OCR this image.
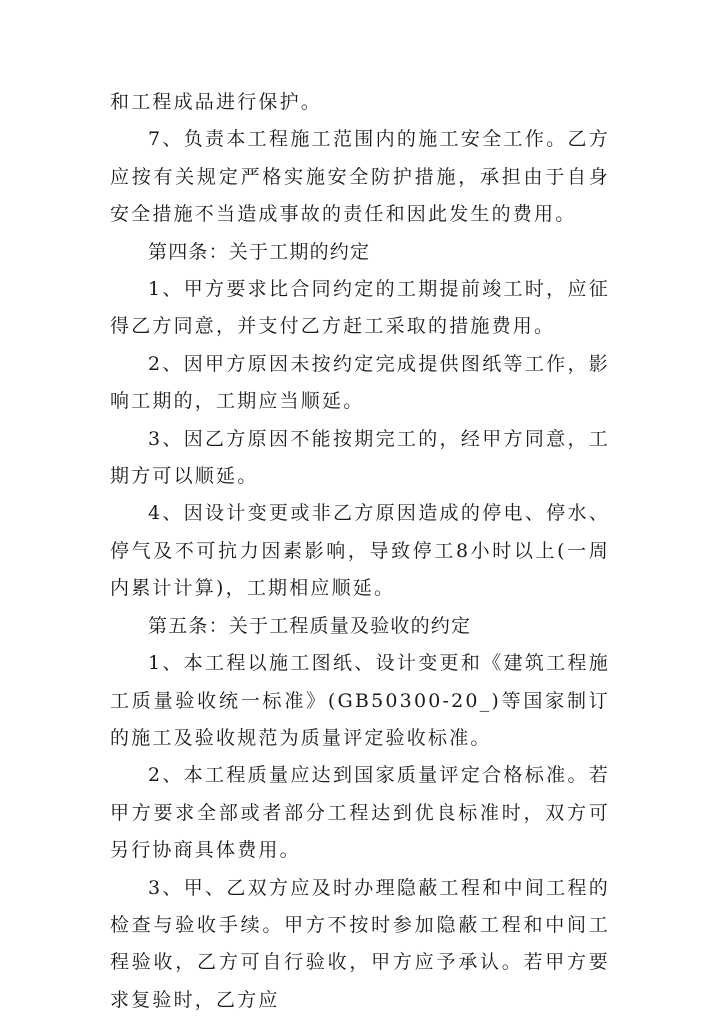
和工程成品进行保护。

7、负责本工程施工范围内的施工安全工作。乙方应按有关规定严格实施安全防护措施，承担由于自身安全措施不当造成事故的责任和因此发生的费用。

第四条：关于工期的约定

1、甲方要求比合同约定的工期提前竣工时，应征得乙方同意，并支付乙方赶工采取的措施费用。

2、因甲方原因未按约定完成提供图纸等工作，影响工期的，工期应当顺延。

3、因乙方原因不能按期完工的，经甲方同意，工期方可以顺延。

4、因设计变更或非乙方原因造成的停电、停水、停气及不可抗力因素影响，导致停工8小时以上(一周内累计计算)，工期相应顺延。

第五条：关于工程质量及验收的约定

1、本工程以施工图纸、设计变更和《建筑工程施工质量验收统一标准》(GB50300-20_)等国家制订的施工及验收规范为质量评定验收标准。

2、本工程质量应达到国家质量评定合格标准。若甲方要求全部或者部分工程达到优良标准时，双方可另行协商具体费用。

3、甲、乙双方应及时办理隐蔽工程和中间工程的检查与验收手续。甲方不按时参加隐蔽工程和中间工程验收，乙方可自行验收，甲方应予承认。若甲方要求复验时，乙方应
